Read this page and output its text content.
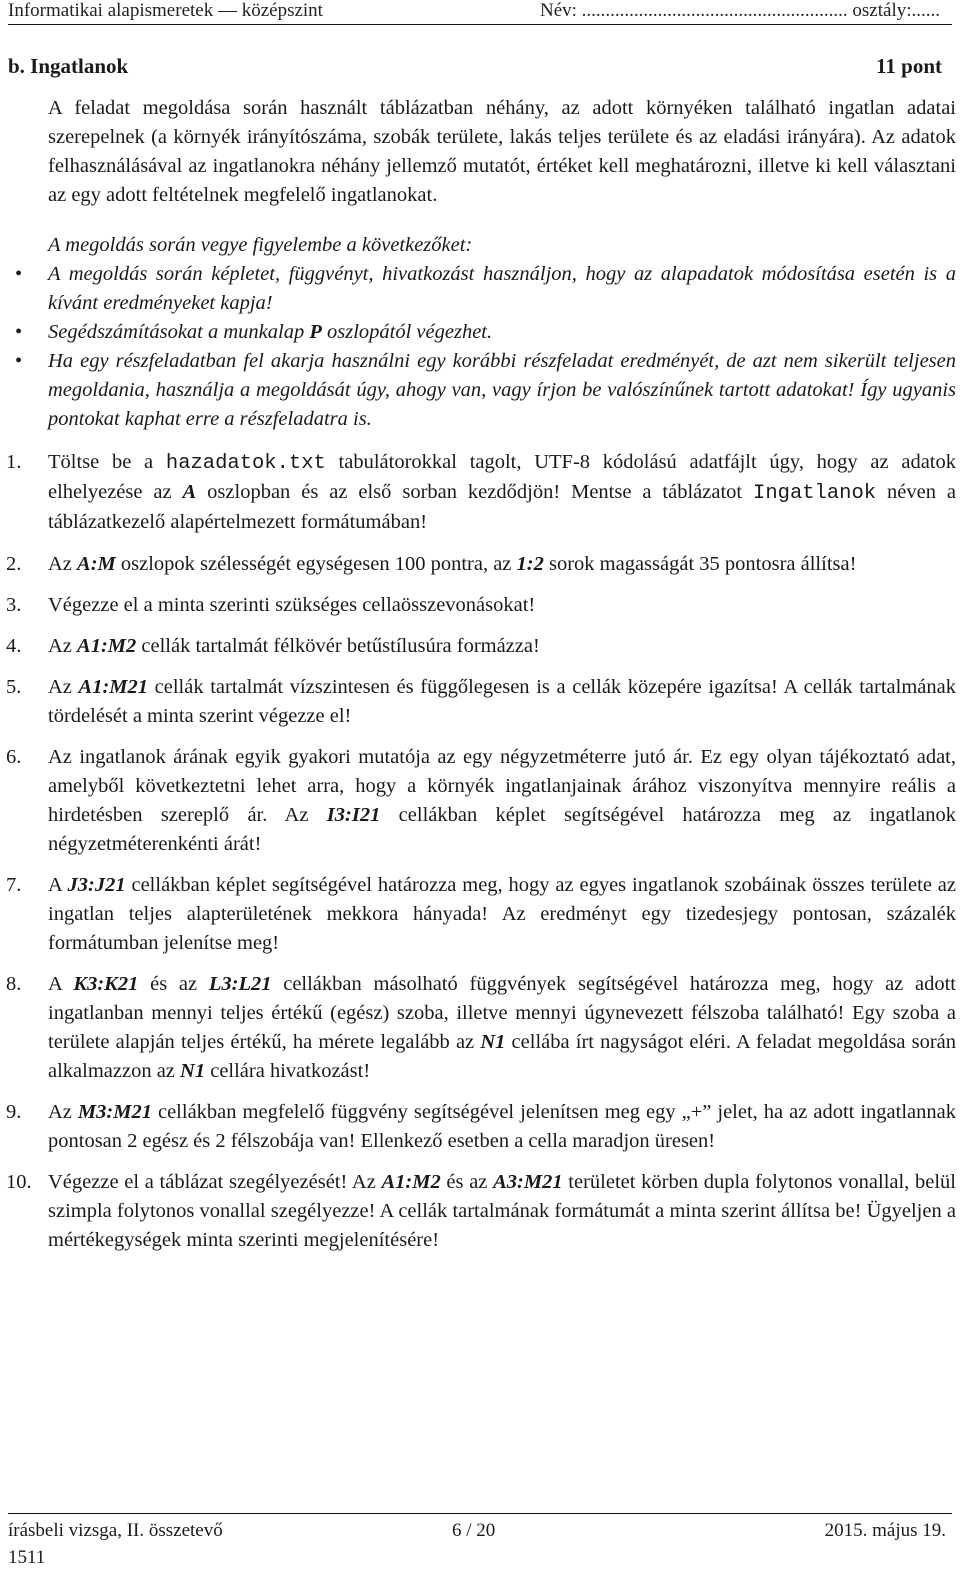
Informatikai alapismeretek — középszint	Név: ........................................................ osztály:......
b. Ingatlanok	11 pont

A feladat megoldása során használt táblázatban néhány, az adott környéken található ingatlan adatai szerepelnek (a környék irányítószáma, szobák területe, lakás teljes területe és az eladási irányára). Az adatok felhasználásával az ingatlanokra néhány jellemző mutatót, értéket kell meghatározni, illetve ki kell választani az egy adott feltételnek megfelelő ingatlanokat.

A megoldás során vegye figyelembe a következőket:

• A megoldás során képletet, függvényt, hivatkozást használjon, hogy az alapadatok módosítása esetén is a kívánt eredményeket kapja!
• Segédszámításokat a munkalap P oszlopától végezhet.
• Ha egy részfeladatban fel akarja használni egy korábbi részfeladat eredményét, de azt nem sikerült teljesen megoldania, használja a megoldását úgy, ahogy van, vagy írjon be valószínűnek tartott adatokat! Így ugyanis pontokat kaphat erre a részfeladatra is.
1. Töltse be a hazadatok.txt tabulátorokkal tagolt, UTF-8 kódolású adatfájlt úgy, hogy az adatok elhelyezése az A oszlopban és az első sorban kezdődjön! Mentse a táblázatot Ingatlanok néven a táblázatkezelő alapértelmezett formátumában!
2. Az A:M oszlopok szélességét egységesen 100 pontra, az 1:2 sorok magasságát 35 pontosra állítsa!
3. Végezze el a minta szerinti szükséges cellaösszevonásokat!
4. Az A1:M2 cellák tartalmát félkövér betűstílusúra formázza!
5. Az A1:M21 cellák tartalmát vízszintesen és függőlegesen is a cellák közepére igazítsa! A cellák tartalmának tördelését a minta szerint végezze el!
6. Az ingatlanok árának egyik gyakori mutatója az egy négyzetméterre jutó ár. Ez egy olyan tájékoztató adat, amelyből következtetni lehet arra, hogy a környék ingatlanjainak árához viszonyítva mennyire reális a hirdetésben szereplő ár. Az I3:I21 cellákban képlet segítségével határozza meg az ingatlanok négyzetméterenkénti árát!
7. A J3:J21 cellákban képlet segítségével határozza meg, hogy az egyes ingatlanok szobáinak összes területe az ingatlan teljes alapterületének mekkora hányada! Az eredményt egy tizedesjegy pontosan, százalék formátumban jelenítse meg!
8. A K3:K21 és az L3:L21 cellákban másolható függvények segítségével határozza meg, hogy az adott ingatlanban mennyi teljes értékű (egész) szoba, illetve mennyi úgynevezett félszoba található! Egy szoba a területe alapján teljes értékű, ha mérete legalább az N1 cellába írt nagyságot eléri. A feladat megoldása során alkalmazzon az N1 cellára hivatkozást!
9. Az M3:M21 cellákban megfelelő függvény segítségével jelenítsen meg egy „+” jelet, ha az adott ingatlannak pontosan 2 egész és 2 félszobája van! Ellenkező esetben a cella maradjon üresen!
10. Végezze el a táblázat szegélyezését! Az A1:M2 és az A3:M21 területet körben dupla folytonos vonallal, belül szimpla folytonos vonallal szegélyezze! A cellák tartalmának formátumát a minta szerint állítsa be! Ügyeljen a mértékegységek minta szerinti megjelenítésére!
írásbeli vizsga, II. összetevő	6 / 20	2015. május 19.
1511
